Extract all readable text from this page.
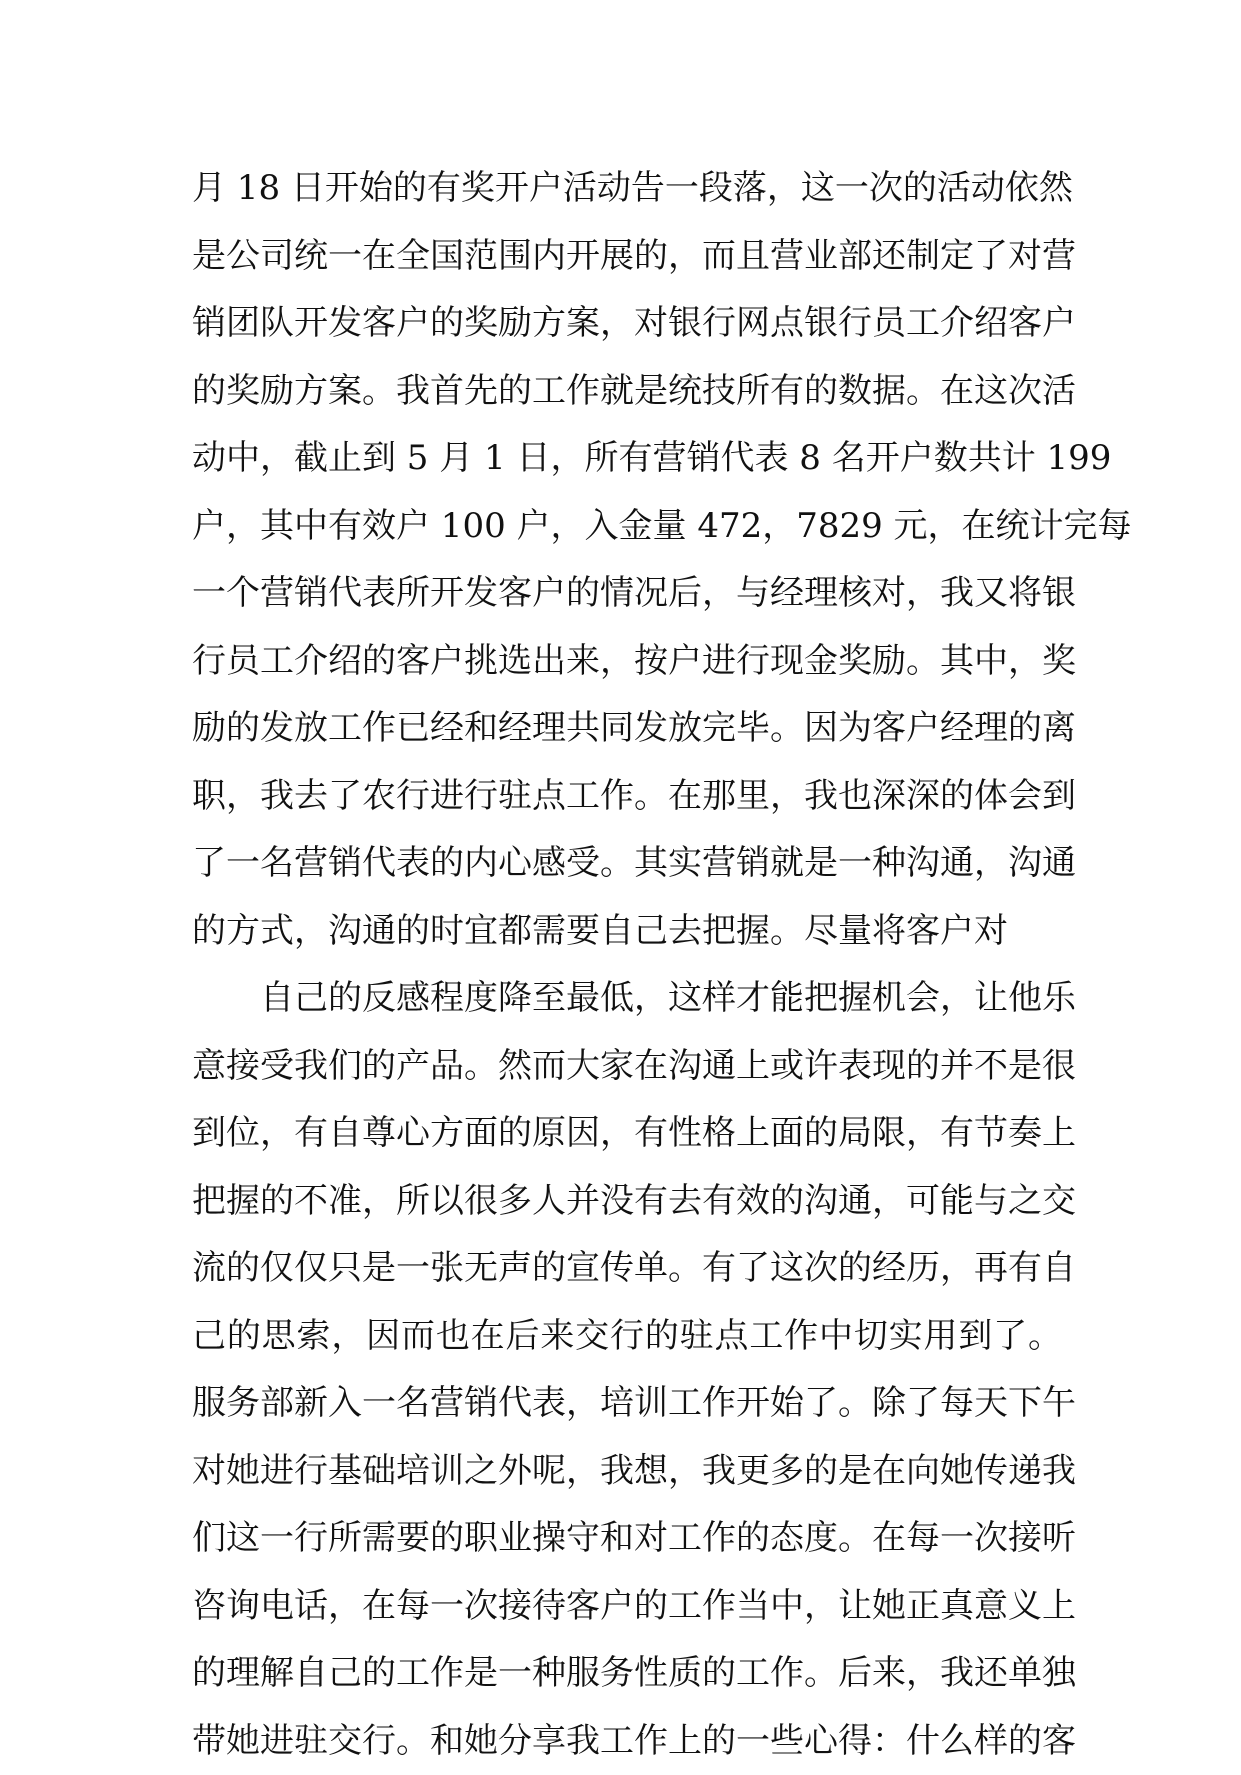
月 18 日开始的有奖开户活动告一段落，这一次的活动依然
是公司统一在全国范围内开展的，而且营业部还制定了对营
销团队开发客户的奖励方案，对银行网点银行员工介绍客户
的奖励方案。我首先的工作就是统技所有的数据。在这次活
动中，截止到 5 月 1 日，所有营销代表 8 名开户数共计 199
户，其中有效户 100 户，入金量 472，7829 元，在统计完每
一个营销代表所开发客户的情况后，与经理核对，我又将银
行员工介绍的客户挑选出来，按户进行现金奖励。其中，奖
励的发放工作已经和经理共同发放完毕。因为客户经理的离
职，我去了农行进行驻点工作。在那里，我也深深的体会到
了一名营销代表的内心感受。其实营销就是一种沟通，沟通
的方式，沟通的时宜都需要自己去把握。尽量将客户对
自己的反感程度降至最低，这样才能把握机会，让他乐
意接受我们的产品。然而大家在沟通上或许表现的并不是很
到位，有自尊心方面的原因，有性格上面的局限，有节奏上
把握的不准，所以很多人并没有去有效的沟通，可能与之交
流的仅仅只是一张无声的宣传单。有了这次的经历，再有自
己的思索，因而也在后来交行的驻点工作中切实用到了。
服务部新入一名营销代表，培训工作开始了。除了每天下午
对她进行基础培训之外呢，我想，我更多的是在向她传递我
们这一行所需要的职业操守和对工作的态度。在每一次接听
咨询电话，在每一次接待客户的工作当中，让她正真意义上
的理解自己的工作是一种服务性质的工作。后来，我还单独
带她进驻交行。和她分享我工作上的一些心得：什么样的客
